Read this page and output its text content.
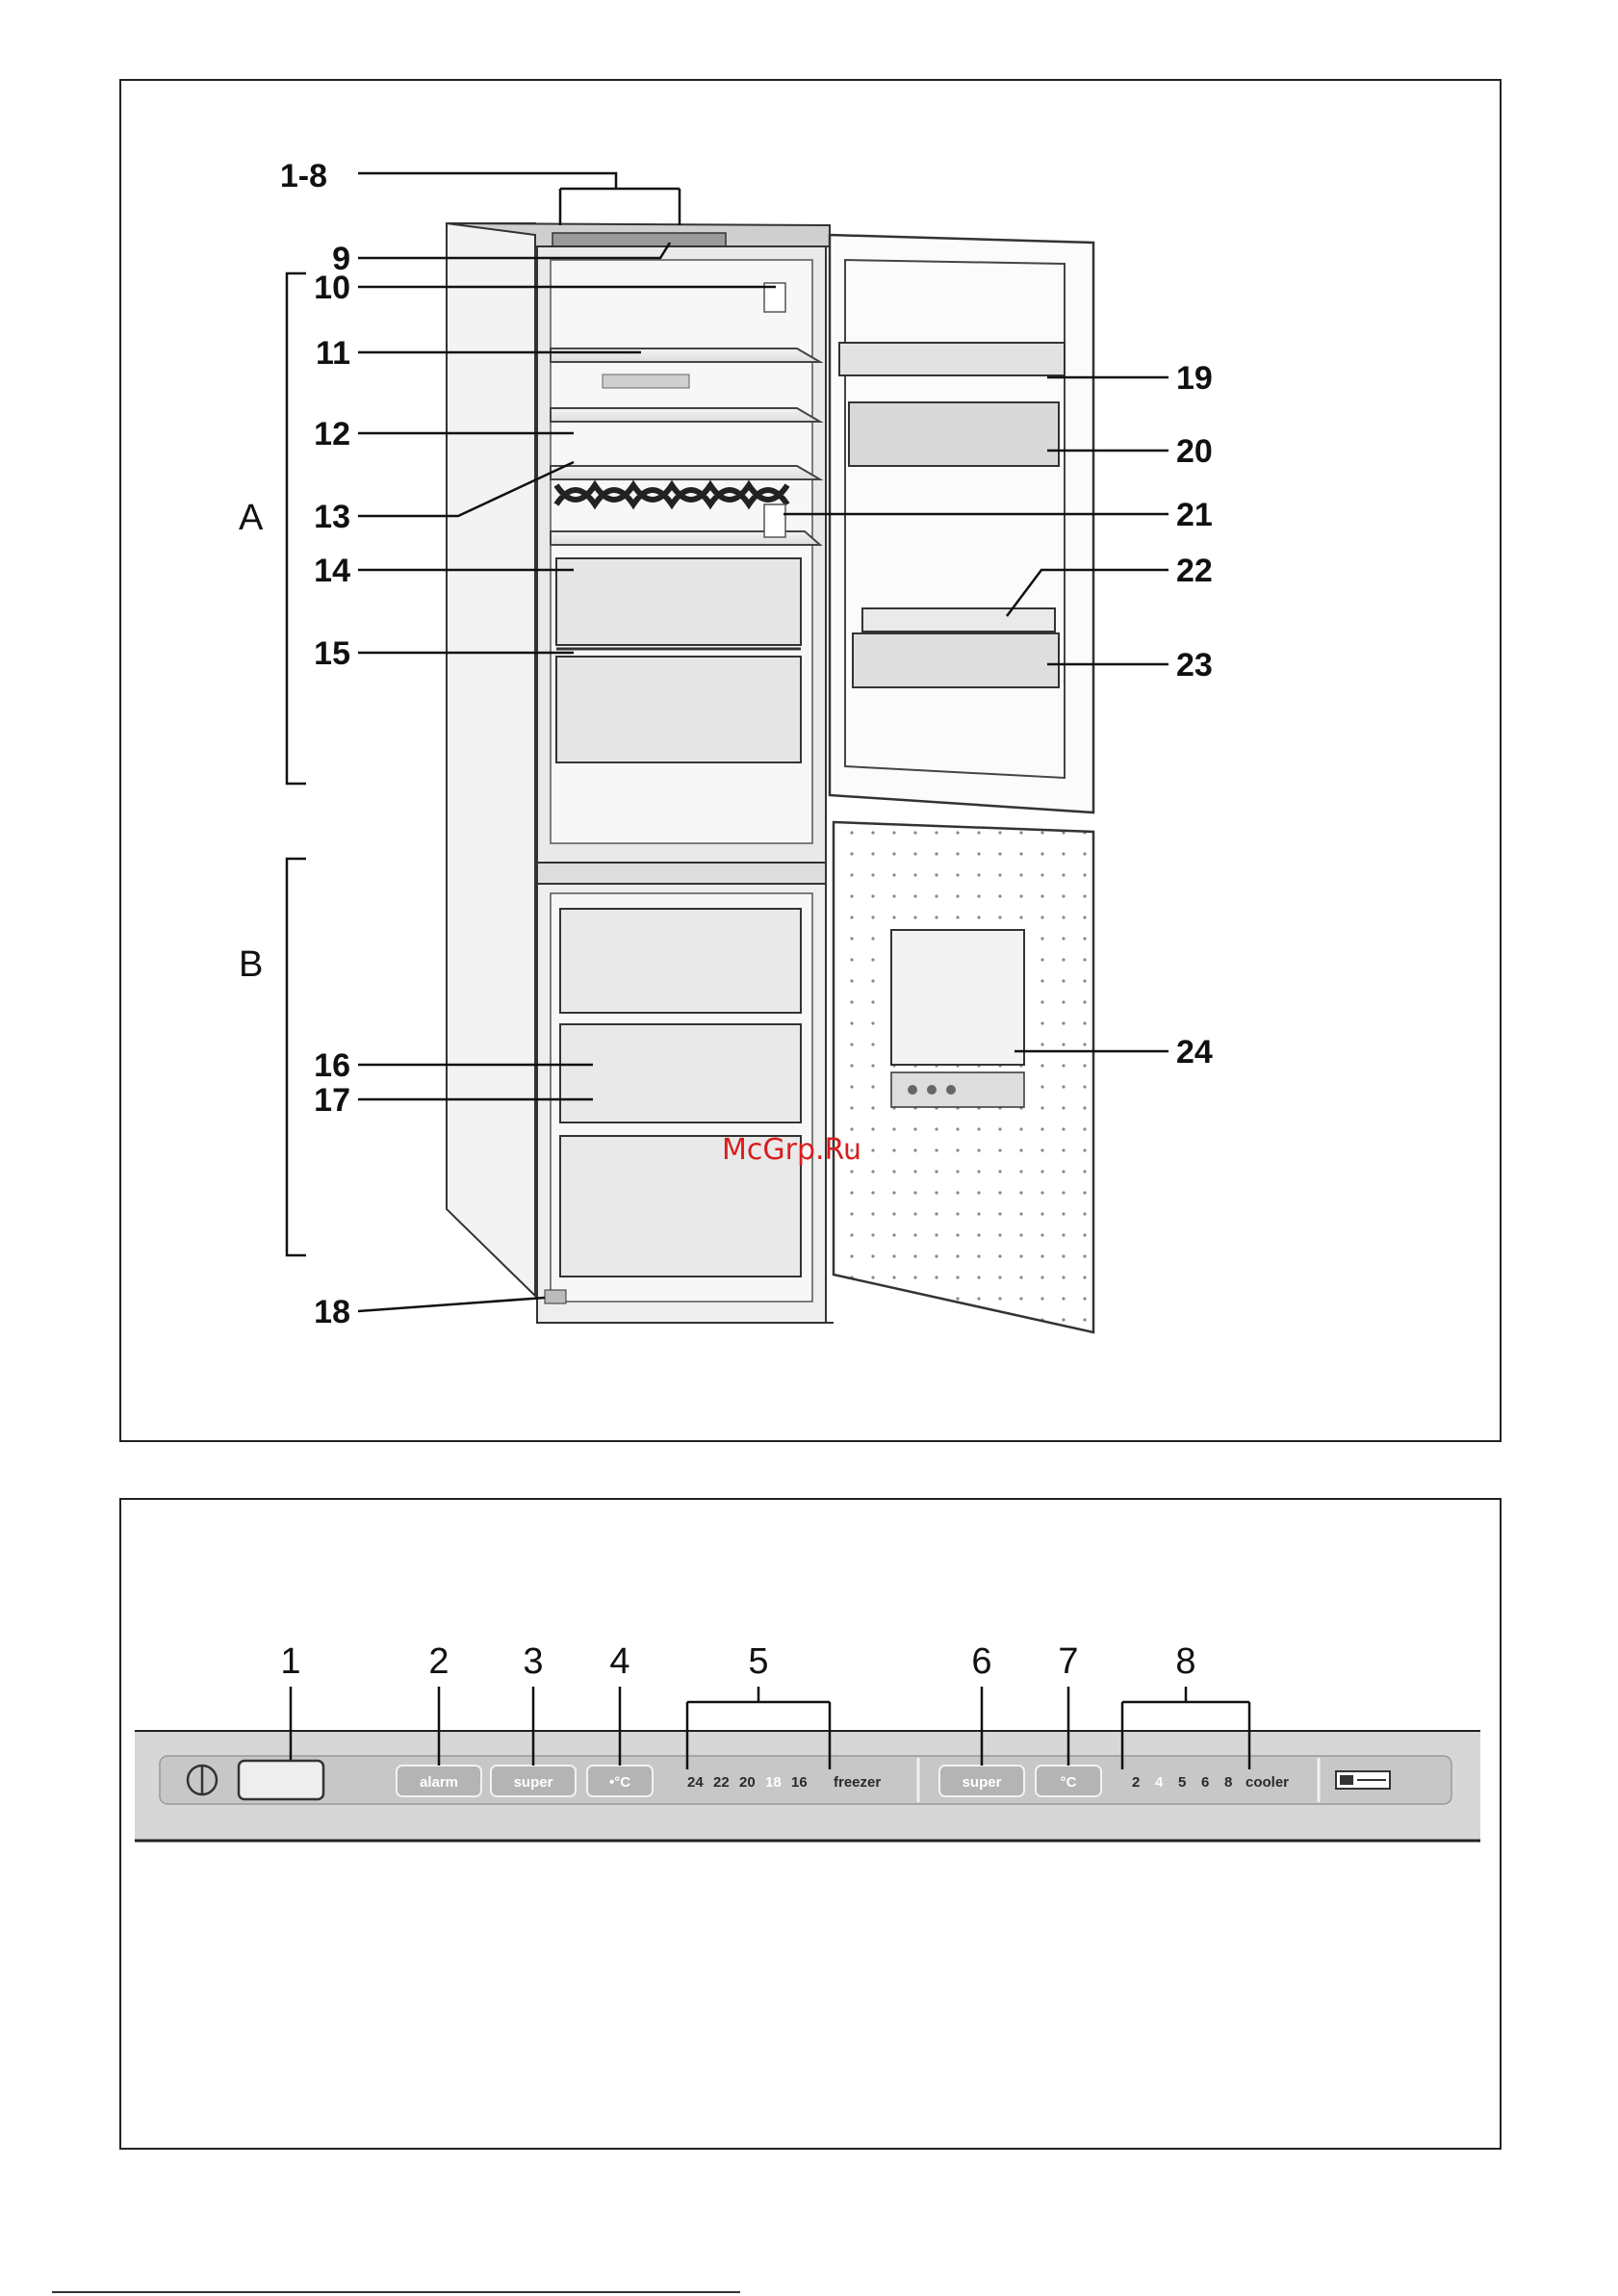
A
B
1-8
9
10
11
12
13
14
15
16
17
18
19
20
21
22
23
24
McGrp.Ru
alarm	super	•°C	24 22 20 18 16 freezer	super	°C	2 4 5 6 8 cooler
1	2 3 4	5	6 7	8
